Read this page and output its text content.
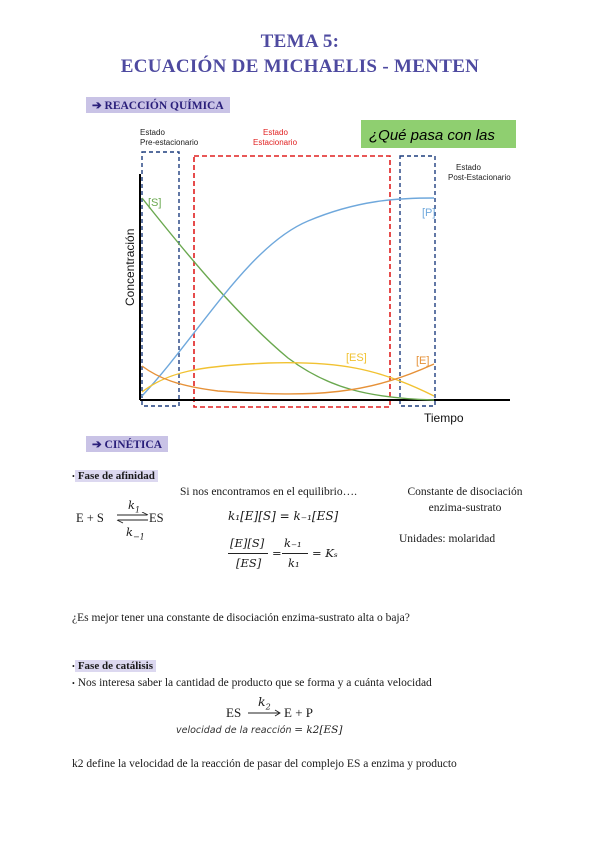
TEMA 5:
ECUACIÓN DE MICHAELIS - MENTEN
➔ REACCIÓN QUÍMICA
¿Qué pasa con las
Estado
Pre-estacionario
Estado
Estacionario
Estado
Post-Estacionario
Concentración
Tiempo
[S]
[P]
[ES]	[E]
➔ CINÉTICA
• Fase de afinidad
E + S
$k_1$
⇌ ES
$k_{-1}$
Si nos encontramos en el equilibrio….
k₁[E][S] = k₋₁[ES]
[E][S]
[ES]
=
k₋₁
k₁
= Kₛ
Constante de disociación
enzima-sustrato
Unidades: molaridad
¿Es mejor tener una constante de disociación enzima-sustrato alta o baja?
• Fase de catálisis
• Nos interesa saber la cantidad de producto que se forma y a cuánta velocidad
ES
$k_2 \to E + P$
velocidad de la reacción = k2[ES]
k2 define la velocidad de la reacción de pasar del complejo ES a enzima y producto
